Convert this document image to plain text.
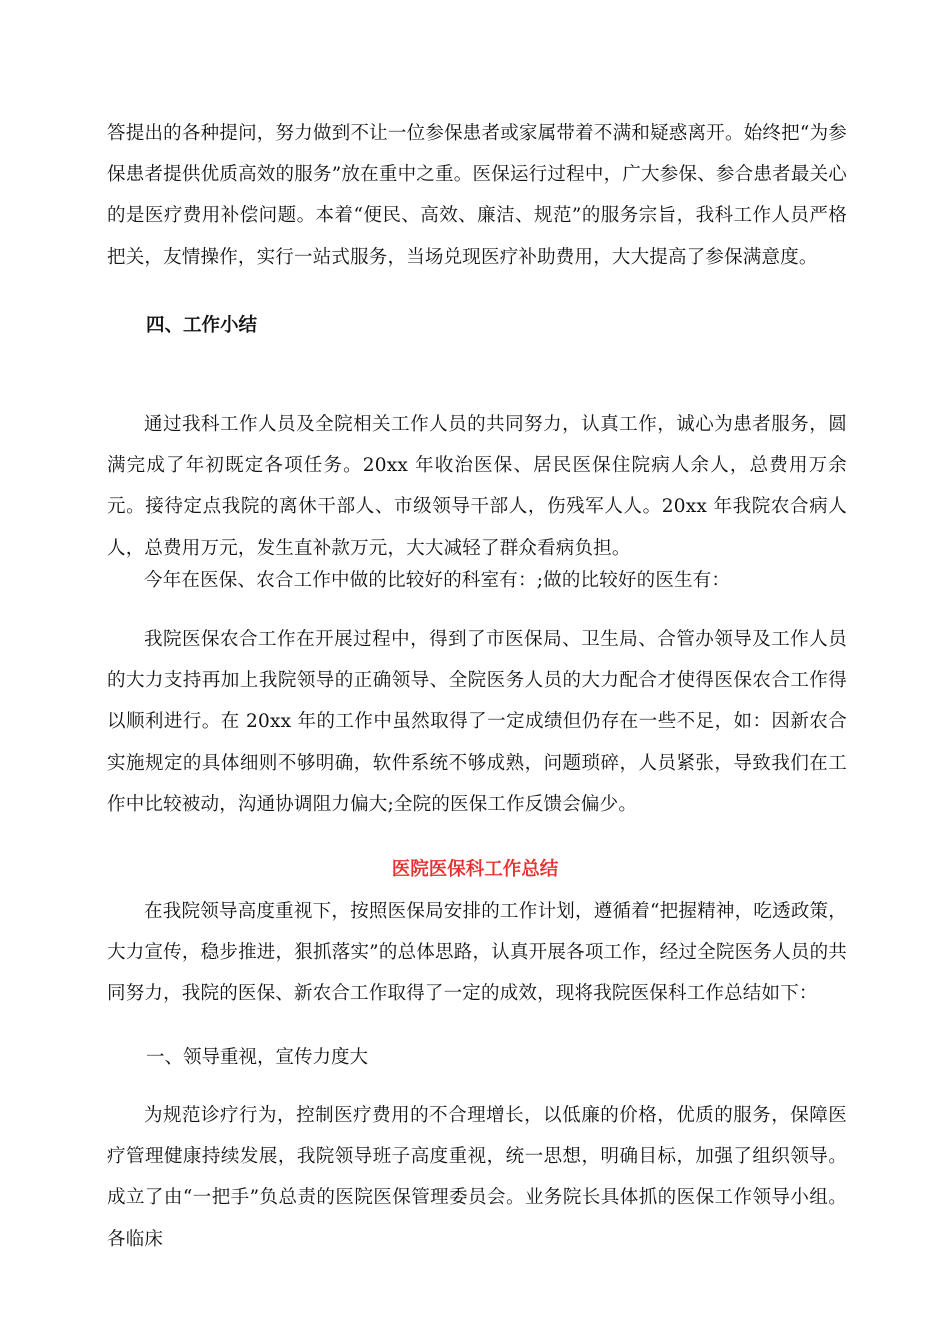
答提出的各种提问，努力做到不让一位参保患者或家属带着不满和疑惑离开。始终把“为参保患者提供优质高效的服务”放在重中之重。医保运行过程中，广大参保、参合患者最关心的是医疗费用补偿问题。本着“便民、高效、廉洁、规范”的服务宗旨，我科工作人员严格把关，友情操作，实行一站式服务，当场兑现医疗补助费用，大大提高了参保满意度。

四、工作小结

通过我科工作人员及全院相关工作人员的共同努力，认真工作，诚心为患者服务，圆满完成了年初既定各项任务。20xx 年收治医保、居民医保住院病人余人，总费用万余元。接待定点我院的离休干部人、市级领导干部人，伤残军人人。20xx 年我院农合病人人，总费用万元，发生直补款万元，大大减轻了群众看病负担。

今年在医保、农合工作中做的比较好的科室有：;做的比较好的医生有：

我院医保农合工作在开展过程中，得到了市医保局、卫生局、合管办领导及工作人员的大力支持再加上我院领导的正确领导、全院医务人员的大力配合才使得医保农合工作得以顺利进行。在 20xx 年的工作中虽然取得了一定成绩但仍存在一些不足，如：因新农合实施规定的具体细则不够明确，软件系统不够成熟，问题琐碎，人员紧张，导致我们在工作中比较被动，沟通协调阻力偏大;全院的医保工作反馈会偏少。

医院医保科工作总结

在我院领导高度重视下，按照医保局安排的工作计划，遵循着“把握精神，吃透政策，大力宣传，稳步推进，狠抓落实”的总体思路，认真开展各项工作，经过全院医务人员的共同努力，我院的医保、新农合工作取得了一定的成效，现将我院医保科工作总结如下：

一、领导重视，宣传力度大

为规范诊疗行为，控制医疗费用的不合理增长，以低廉的价格，优质的服务，保障医疗管理健康持续发展，我院领导班子高度重视，统一思想，明确目标，加强了组织领导。成立了由“一把手”负总责的医院医保管理委员会。业务院长具体抓的医保工作领导小组。各临床
